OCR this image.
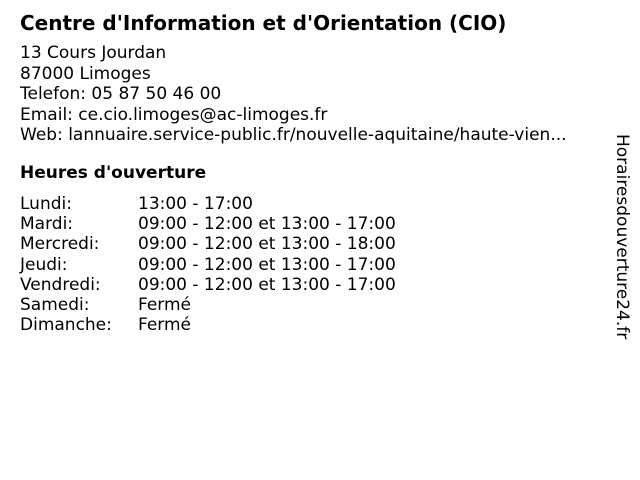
Centre d'Information et d'Orientation (CIO)
13 Cours Jourdan
87000 Limoges
Telefon: 05 87 50 46 00
Email: ce.cio.limoges@ac-limoges.fr
Web: lannuaire.service-public.fr/nouvelle-aquitaine/haute-vien...
Heures d'ouverture
Lundi:	13:00 - 17:00
Mardi:	09:00 - 12:00 et 13:00 - 17:00
Mercredi:	09:00 - 12:00 et 13:00 - 18:00
Jeudi:	09:00 - 12:00 et 13:00 - 17:00
Vendredi:	09:00 - 12:00 et 13:00 - 17:00
Samedi:	Fermé
Dimanche:	Fermé	Horairesdouverture24.fr
